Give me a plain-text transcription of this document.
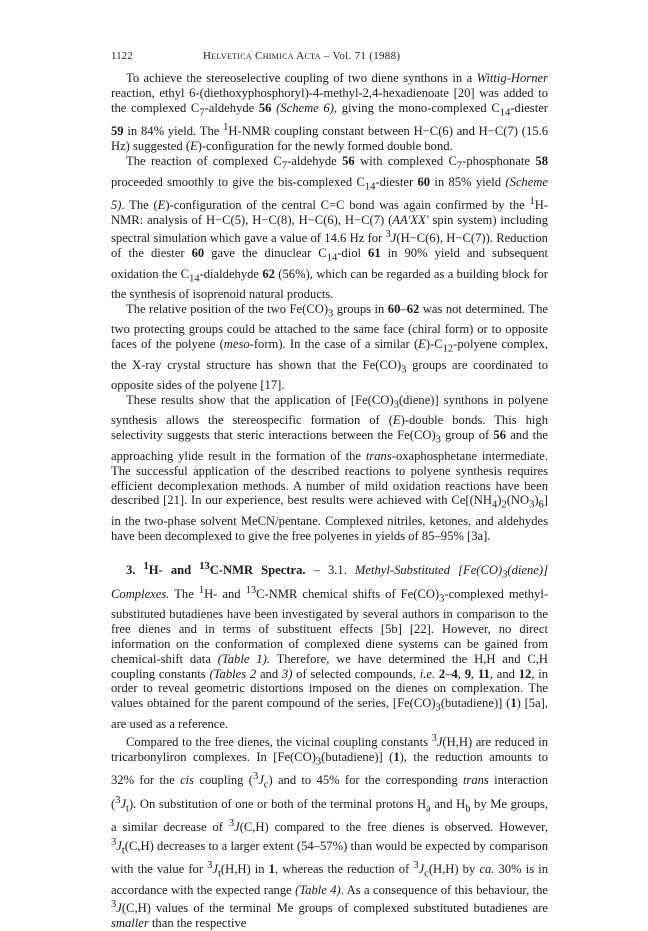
1122	Helvetica Chimica Acta – Vol. 71 (1988)

To achieve the stereoselective coupling of two diene synthons in a Wittig-Horner reaction, ethyl 6-(diethoxyphosphoryl)-4-methyl-2,4-hexadienoate [20] was added to the complexed $C_7$-aldehyde 56 (Scheme 6), giving the mono-complexed $C_{14}$-diester 59 in 84% yield. The $^1$H-NMR coupling constant between H−C(6) and H−C(7) (15.6 Hz) suggested (E)-configuration for the newly formed double bond.

The reaction of complexed $C_7$-aldehyde 56 with complexed $C_7$-phosphonate 58 proceeded smoothly to give the bis-complexed $C_{14}$-diester 60 in 85% yield (Scheme 5). The (E)-configuration of the central C=C bond was again confirmed by the $^1$H-NMR: analysis of H−C(5), H−C(8), H−C(6), H−C(7) (AA′XX′ spin system) including spectral simulation which gave a value of 14.6 Hz for $^3$J(H−C(6), H−C(7)). Reduction of the diester 60 gave the dinuclear $C_{14}$-diol 61 in 90% yield and subsequent oxidation the $C_{14}$-dialdehyde 62 (56%), which can be regarded as a building block for the synthesis of isoprenoid natural products.

The relative position of the two $Fe(CO)_3$ groups in 60–62 was not determined. The two protecting groups could be attached to the same face (chiral form) or to opposite faces of the polyene (meso-form). In the case of a similar $(E)-C_{12}$-polyene complex, the X-ray crystal structure has shown that the $Fe(CO)_3$ groups are coordinated to opposite sides of the polyene [17].

These results show that the application of $[Fe(CO)_3(diene)]$ synthons in polyene synthesis allows the stereospecific formation of (E)-double bonds. This high selectivity suggests that steric interactions between the $Fe(CO)_3$ group of 56 and the approaching ylide result in the formation of the trans-oxaphosphetane intermediate. The successful application of the described reactions to polyene synthesis requires efficient decomplexation methods. A number of mild oxidation reactions have been described [21]. In our experience, best results were achieved with $Ce[(NH_4)_2(NO_3)_6]$ in the two-phase solvent MeCN/pentane. Complexed nitriles, ketones, and aldehydes have been decomplexed to give the free polyenes in yields of 85–95% [3a].

3. $^1$H- and $^{13}$C-NMR Spectra. – 3.1. Methyl-Substituted $[Fe(CO)_3(diene)]$ Complexes. The $^1$H- and $^{13}$C-NMR chemical shifts of $Fe(CO)_3$-complexed methyl-substituted butadienes have been investigated by several authors in comparison to the free dienes and in terms of substituent effects [5b] [22]. However, no direct information on the conformation of complexed diene systems can be gained from chemical-shift data (Table 1). Therefore, we have determined the H,H and C,H coupling constants (Tables 2 and 3) of selected compounds, i.e. 2–4, 9, 11, and 12, in order to reveal geometric distortions imposed on the dienes on complexation. The values obtained for the parent compound of the series, $[Fe(CO)_3(butadiene)]$ (1) [5a], are used as a reference.

Compared to the free dienes, the vicinal coupling constants $^3$J(H,H) are reduced in tricarbonyliron complexes. In $[Fe(CO)_3(butadiene)]$ (1), the reduction amounts to 32% for the cis coupling $(^3J_c)$ and to 45% for the corresponding trans interaction $(^3J_t)$. On substitution of one or both of the terminal protons $H_a$ and $H_b$ by Me groups, a similar decrease of $^3$J(C,H) compared to the free dienes is observed. However, $^3J_t(C,H)$ decreases to a larger extent (54–57%) than would be expected by comparison with the value for $^3J_t(H,H)$ in 1, whereas the reduction of $^3J_c(H,H)$ by ca. 30% is in accordance with the expected range (Table 4). As a consequence of this behaviour, the $^3$J(C,H) values of the terminal Me groups of complexed substituted butadienes are smaller than the respective
